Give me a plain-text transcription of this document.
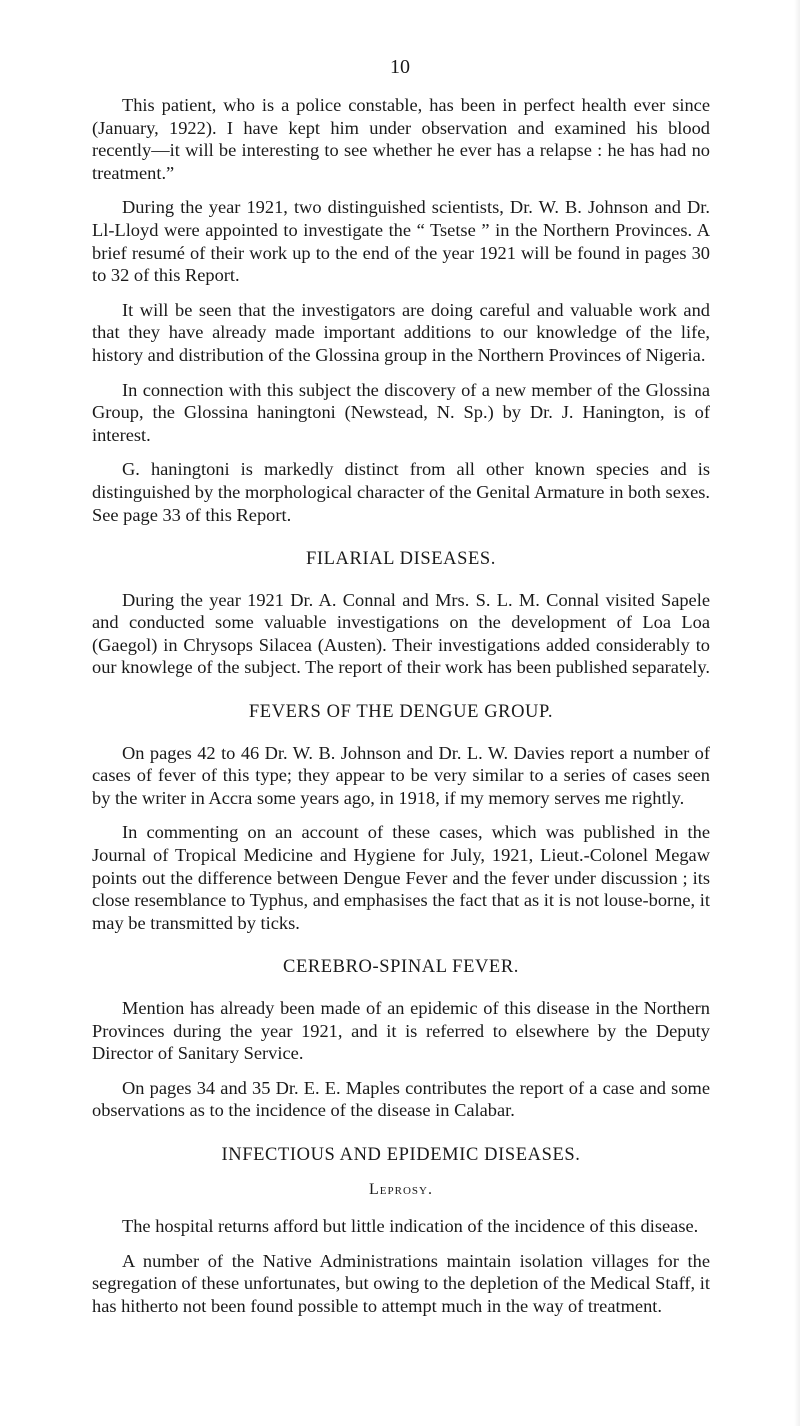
10

This patient, who is a police constable, has been in perfect health ever since (January, 1922). I have kept him under observation and examined his blood recently—it will be interesting to see whether he ever has a relapse : he has had no treatment.”

During the year 1921, two distinguished scientists, Dr. W. B. Johnson and Dr. Ll-Lloyd were appointed to investigate the “ Tsetse ” in the Northern Provinces. A brief resumé of their work up to the end of the year 1921 will be found in pages 30 to 32 of this Report.

It will be seen that the investigators are doing careful and valuable work and that they have already made important additions to our knowledge of the life, history and distribution of the Glossina group in the Northern Provinces of Nigeria.

In connection with this subject the discovery of a new member of the Glossina Group, the Glossina haningtoni (Newstead, N. Sp.) by Dr. J. Hanington, is of interest.

G. haningtoni is markedly distinct from all other known species and is distinguished by the morphological character of the Genital Armature in both sexes. See page 33 of this Report.

FILARIAL DISEASES.

During the year 1921 Dr. A. Connal and Mrs. S. L. M. Connal visited Sapele and conducted some valuable investigations on the development of Loa Loa (Gaegol) in Chrysops Silacea (Austen). Their investigations added considerably to our knowlege of the subject. The report of their work has been published separately.

FEVERS OF THE DENGUE GROUP.

On pages 42 to 46 Dr. W. B. Johnson and Dr. L. W. Davies report a number of cases of fever of this type; they appear to be very similar to a series of cases seen by the writer in Accra some years ago, in 1918, if my memory serves me rightly.

In commenting on an account of these cases, which was published in the Journal of Tropical Medicine and Hygiene for July, 1921, Lieut.-Colonel Megaw points out the difference between Dengue Fever and the fever under discussion ; its close resemblance to Typhus, and emphasises the fact that as it is not louse-borne, it may be transmitted by ticks.

CEREBRO-SPINAL FEVER.

Mention has already been made of an epidemic of this disease in the Northern Provinces during the year 1921, and it is referred to elsewhere by the Deputy Director of Sanitary Service.

On pages 34 and 35 Dr. E. E. Maples contributes the report of a case and some observations as to the incidence of the disease in Calabar.

INFECTIOUS AND EPIDEMIC DISEASES.
Leprosy.

The hospital returns afford but little indication of the incidence of this disease.

A number of the Native Administrations maintain isolation villages for the segregation of these unfortunates, but owing to the depletion of the Medical Staff, it has hitherto not been found possible to attempt much in the way of treatment.
